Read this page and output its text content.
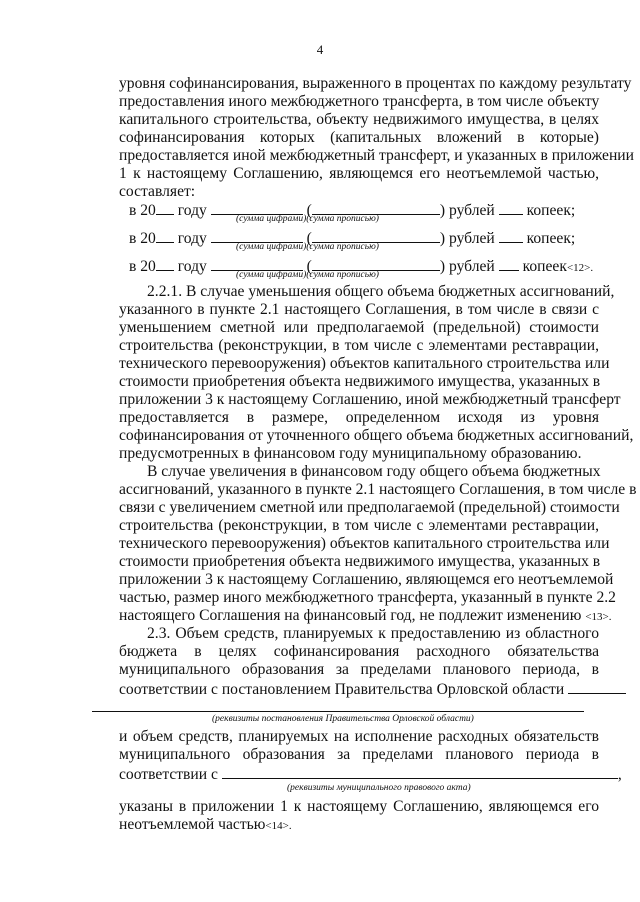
4
уровня софинансирования, выраженного в процентах по каждому результату
предоставления иного межбюджетного трансферта, в том числе объекту
капитального строительства, объекту недвижимого имущества, в целях
софинансирования которых (капитальных вложений в которые)
предоставляется иной межбюджетный трансферт, и указанных в приложении
1 к настоящему Соглашению, являющемся его неотъемлемой частью,
составляет:
в 20 году	(	) рублей копеек;
(сумма цифрами)(сумма прописью)
в 20 году	(	) рублей копеек;
(сумма цифрами)(сумма прописью)
в 20 году	(	) рублей копеек<12>.
(сумма цифрами)(сумма прописью)
2.2.1. В случае уменьшения общего объема бюджетных ассигнований,
указанного в пункте 2.1 настоящего Соглашения, в том числе в связи с
уменьшением сметной или предполагаемой (предельной) стоимости
строительства (реконструкции, в том числе с элементами реставрации,
технического перевооружения) объектов капитального строительства или
стоимости приобретения объекта недвижимого имущества, указанных в
приложении 3 к настоящему Соглашению, иной межбюджетный трансферт
предоставляется в размере, определенном исходя из уровня
софинансирования от уточненного общего объема бюджетных ассигнований,
предусмотренных в финансовом году муниципальному образованию.
В случае увеличения в финансовом году общего объема бюджетных
ассигнований, указанного в пункте 2.1 настоящего Соглашения, в том числе в
связи с увеличением сметной или предполагаемой (предельной) стоимости
строительства (реконструкции, в том числе с элементами реставрации,
технического перевооружения) объектов капитального строительства или
стоимости приобретения объекта недвижимого имущества, указанных в
приложении 3 к настоящему Соглашению, являющемся его неотъемлемой
частью, размер иного межбюджетного трансферта, указанный в пункте 2.2
настоящего Соглашения на финансовый год, не подлежит изменению <13>.
2.3. Объем средств, планируемых к предоставлению из областного
бюджета в целях софинансирования расходного обязательства
муниципального образования за пределами планового периода, в
соответствии с постановлением Правительства Орловской области
(реквизиты постановления Правительства Орловской области)
и объем средств, планируемых на исполнение расходных обязательств
муниципального образования за пределами планового периода в
соответствии с	,
(реквизиты муниципального правового акта)
указаны в приложении 1 к настоящему Соглашению, являющемся его
неотъемлемой частью<14>.
